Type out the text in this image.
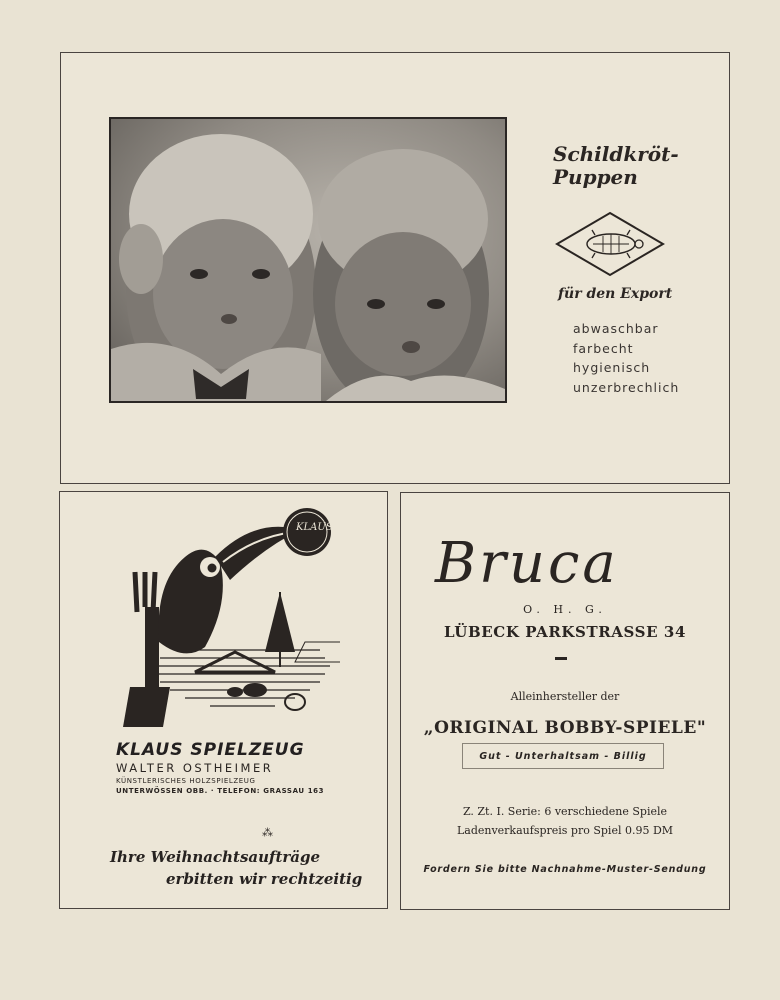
Schildkröt-
Puppen
für den Export
abwaschbar
farbecht
hygienisch
unzerbrechlich
KLAUS
KLAUS SPIELZEUG
WALTER OSTHEIMER
KÜNSTLERISCHES HOLZSPIELZEUG
UNTERWÖSSEN OBB. · TELEFON: GRASSAU 163
⁂
Ihre Weihnachtsaufträge
erbitten wir rechtzeitig
Bruca
O. H. G.
LÜBECK PARKSTRASSE 34
Alleinhersteller der
„ORIGINAL BOBBY-SPIELE"
Gut - Unterhaltsam - Billig
Z. Zt. I. Serie: 6 verschiedene Spiele
Ladenverkaufspreis pro Spiel 0.95 DM
Fordern Sie bitte Nachnahme-Muster-Sendung
